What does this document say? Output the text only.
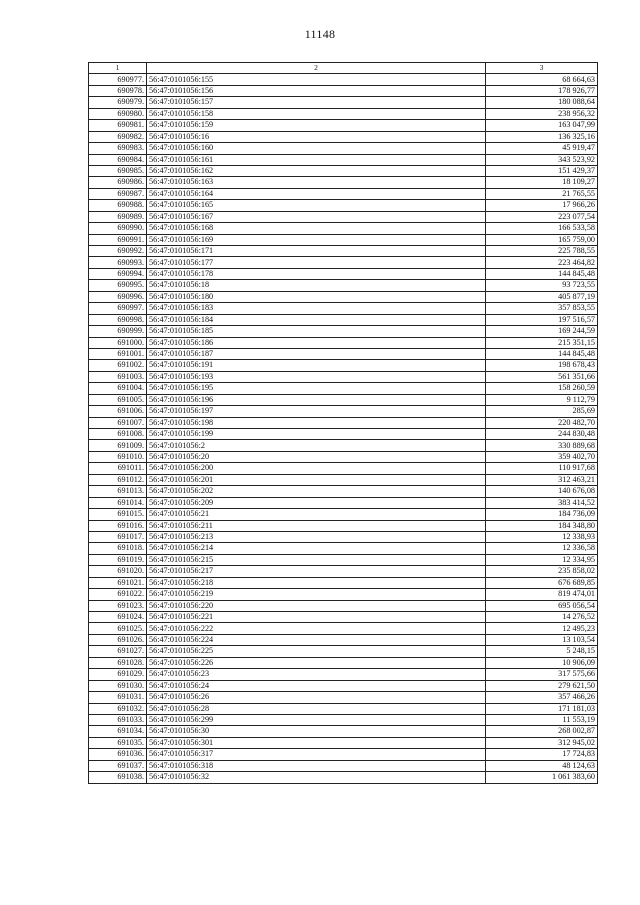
11148
1	2	3
690977.	56:47:0101056:155	68 664,63
690978.	56:47:0101056:156	178 926,77
690979.	56:47:0101056:157	180 088,64
690980.	56:47:0101056:158	238 956,32
690981.	56:47:0101056:159	163 047,99
690982.	56:47:0101056:16	136 325,16
690983.	56:47:0101056:160	45 919,47
690984.	56:47:0101056:161	343 523,92
690985.	56:47:0101056:162	151 429,37
690986.	56:47:0101056:163	18 109,27
690987.	56:47:0101056:164	21 765,55
690988.	56:47:0101056:165	17 966,26
690989.	56:47:0101056:167	223 077,54
690990.	56:47:0101056:168	166 533,58
690991.	56:47:0101056:169	165 759,00
690992.	56:47:0101056:171	225 788,55
690993.	56:47:0101056:177	223 464,82
690994.	56:47:0101056:178	144 845,48
690995.	56:47:0101056:18	93 723,55
690996.	56:47:0101056:180	405 877,19
690997.	56:47:0101056:183	357 853,55
690998.	56:47:0101056:184	197 516,57
690999.	56:47:0101056:185	169 244,59
691000.	56:47:0101056:186	215 351,15
691001.	56:47:0101056:187	144 845,48
691002.	56:47:0101056:191	198 678,43
691003.	56:47:0101056:193	561 351,66
691004.	56:47:0101056:195	158 260,59
691005.	56:47:0101056:196	9 112,79
691006.	56:47:0101056:197	285,69
691007.	56:47:0101056:198	220 482,70
691008.	56:47:0101056:199	244 830,48
691009.	56:47:0101056:2	330 889,68
691010.	56:47:0101056:20	359 402,70
691011.	56:47:0101056:200	110 917,68
691012.	56:47:0101056:201	312 463,21
691013.	56:47:0101056:202	140 676,08
691014.	56:47:0101056:209	383 414,52
691015.	56:47:0101056:21	184 736,09
691016.	56:47:0101056:211	184 348,80
691017.	56:47:0101056:213	12 338,93
691018.	56:47:0101056:214	12 336,58
691019.	56:47:0101056:215	12 334,95
691020.	56:47:0101056:217	235 858,02
691021.	56:47:0101056:218	676 689,85
691022.	56:47:0101056:219	819 474,01
691023.	56:47:0101056:220	695 056,54
691024.	56:47:0101056:221	14 276,52
691025.	56:47:0101056:222	12 495,23
691026.	56:47:0101056:224	13 103,54
691027.	56:47:0101056:225	5 248,15
691028.	56:47:0101056:226	10 906,09
691029.	56:47:0101056:23	317 575,66
691030.	56:47:0101056:24	279 621,50
691031.	56:47:0101056:26	357 466,26
691032.	56:47:0101056:28	171 181,03
691033.	56:47:0101056:299	11 553,19
691034.	56:47:0101056:30	268 002,87
691035.	56:47:0101056:301	312 945,02
691036.	56:47:0101056:317	17 724,83
691037.	56:47:0101056:318	48 124,63
691038.	56:47:0101056:32	1 061 383,60
